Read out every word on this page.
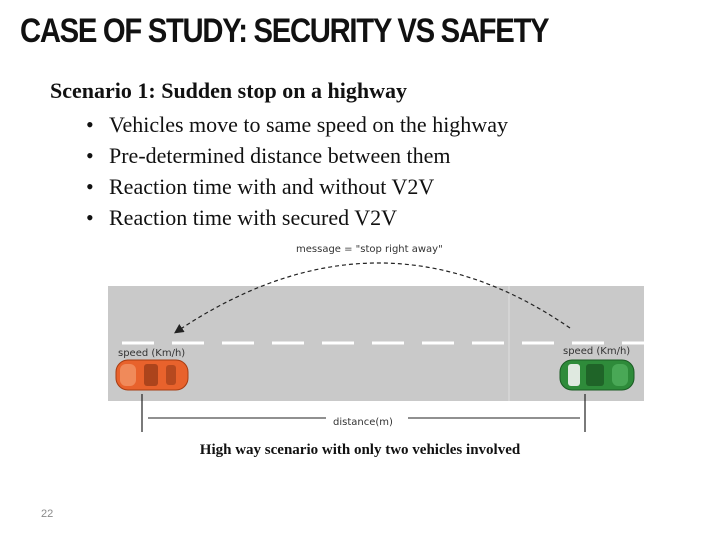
CASE OF STUDY: SECURITY VS SAFETY
Scenario 1: Sudden stop on a highway
• Vehicles move to same speed on the highway
• Pre-determined distance between them
• Reaction time with and without V2V
• Reaction time with secured V2V
message = "stop right away"
speed (Km/h)	speed (Km/h)
distance(m)
High way scenario with only two vehicles involved
22
